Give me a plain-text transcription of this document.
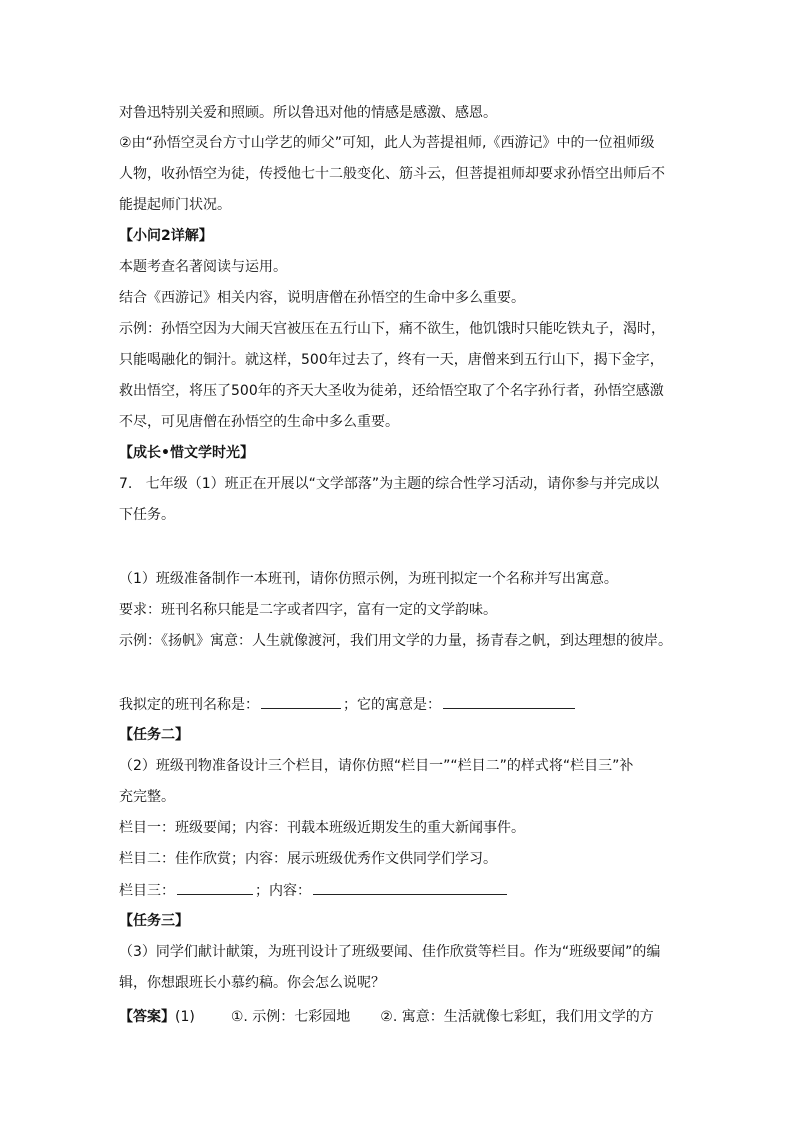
对鲁迅特别关爱和照顾。所以鲁迅对他的情感是感激、感恩。
②由“孙悟空灵台方寸山学艺的师父”可知，此人为菩提祖师,《西游记》中的一位祖师级
人物，收孙悟空为徒，传授他七十二般变化、筋斗云，但菩提祖师却要求孙悟空出师后不
能提起师门状况。
【小问2详解】
本题考查名著阅读与运用。
结合《西游记》相关内容，说明唐僧在孙悟空的生命中多么重要。
示例：孙悟空因为大闹天宫被压在五行山下，痛不欲生，他饥饿时只能吃铁丸子，渴时，
只能喝融化的铜汁。就这样，500年过去了，终有一天，唐僧来到五行山下，揭下金字，
救出悟空，将压了500年的齐天大圣收为徒弟，还给悟空取了个名字孙行者，孙悟空感激
不尽，可见唐僧在孙悟空的生命中多么重要。
【成长•惜文学时光】
7.   七年级（1）班正在开展以“文学部落”为主题的综合性学习活动，请你参与并完成以
下任务。
（1）班级准备制作一本班刊，请你仿照示例，为班刊拟定一个名称并写出寓意。
要求：班刊名称只能是二字或者四字，富有一定的文学韵味。
示例：《扬帆》寓意：人生就像渡河，我们用文学的力量，扬青春之帆，到达理想的彼岸。
我拟定的班刊名称是：	；它的寓意是：
【任务二】
（2）班级刊物准备设计三个栏目，请你仿照“栏目一”“栏目二”的样式将“栏目三”补
充完整。
栏目一：班级要闻；内容：刊载本班级近期发生的重大新闻事件。
栏目二：佳作欣赏；内容：展示班级优秀作文供同学们学习。
栏目三：	；内容：
【任务三】
（3）同学们献计献策，为班刊设计了班级要闻、佳作欣赏等栏目。作为“班级要闻”的编
辑，你想跟班长小慕约稿。你会怎么说呢？
【答案】(1)	①. 示例：七彩园地 ②. 寓意：生活就像七彩虹，我们用文学的方
